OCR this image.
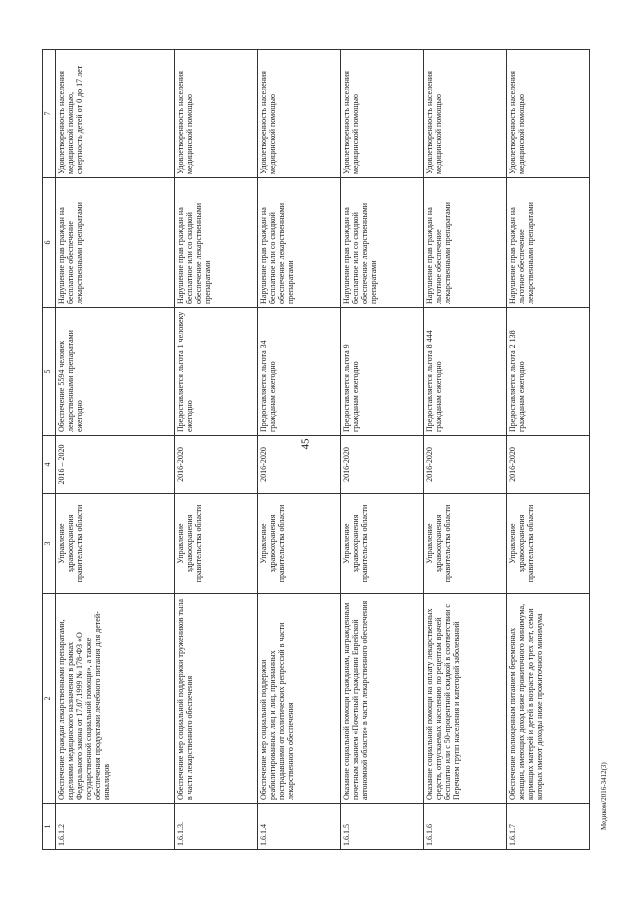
45
1	2	3	4	5	6	7
1.6.1.2	Обеспечение граждан лекарственными препаратами, изделиями медицинского назначения в рамках Федерального закона от 17.07.1999 № 178-ФЗ «О государственной социальной помощи», а также обеспечения продуктами лечебного питания для детей-инвалидов	Управление здравоохранения правительства области	2016 – 2020	Обеспечение 5594 человек лекарственными препаратами ежегодно	Нарушение прав граждан на бесплатное обеспечение лекарственными препаратами	Удовлетворенность населения медицинской помощью, смертность детей от 0 до 17 лет
1.6.1.3.	Обеспечение мер социальной поддержки тружеников тыла в части лекарственного обеспечения	Управление здравоохранения правительства области	2016-2020	Предоставляется льгота 1 человеку ежегодно	Нарушение прав граждан на бесплатное или со скидкой обеспечение лекарственными препаратами	Удовлетворенность населения медицинской помощью
1.6.1.4	Обеспечение мер социальной поддержки реабилитированных лиц и лиц, признанных пострадавшими от политических репрессий в части лекарственного обеспечения	Управление здравоохранения правительства области	2016-2020	Предоставляется льгота 34 гражданам ежегодно	Нарушение прав граждан на бесплатное или со скидкой обеспечение лекарственными препаратами	Удовлетворенность населения медицинской помощью
1.6.1.5	Оказание социальной помощи гражданам, награжденным почетным званием «Почетный гражданин Еврейской автономной области» в части лекарственного обеспечения	Управление здравоохранения правительства области	2016-2020	Предоставляется льгота 9 гражданам ежегодно	Нарушение прав граждан на бесплатное или со скидкой обеспечение лекарственными препаратами	Удовлетворенность населения медицинской помощью
1.6.1.6	Оказание социальной помощи на оплату лекарственных средств, отпускаемых населению по рецептам врачей бесплатно или с 50-процентной скидкой в соответствии с Перечнем групп населения и категорий заболеваний	Управление здравоохранения правительства области	2016-2020	Предоставляется льгота 8 444 гражданам ежегодно	Нарушение прав граждан на льготное обеспечение лекарственными препаратами	Удовлетворенность населения медицинской помощью
1.6.1.7	Обеспечение полноценным питанием беременных женщин, имеющих доход ниже прожиточного минимума, кормящих матерей и детей в возрасте до трех лет, семьи которых имеют доходы ниже прожиточного минимума	Управление здравоохранения правительства области	2016-2020	Предоставляется льгота 2 138 гражданам ежегодно	Нарушение прав граждан на льготное обеспечение лекарственными препаратами	Удовлетворенность населения медицинской помощью
Медиком/2016-3412(3)
